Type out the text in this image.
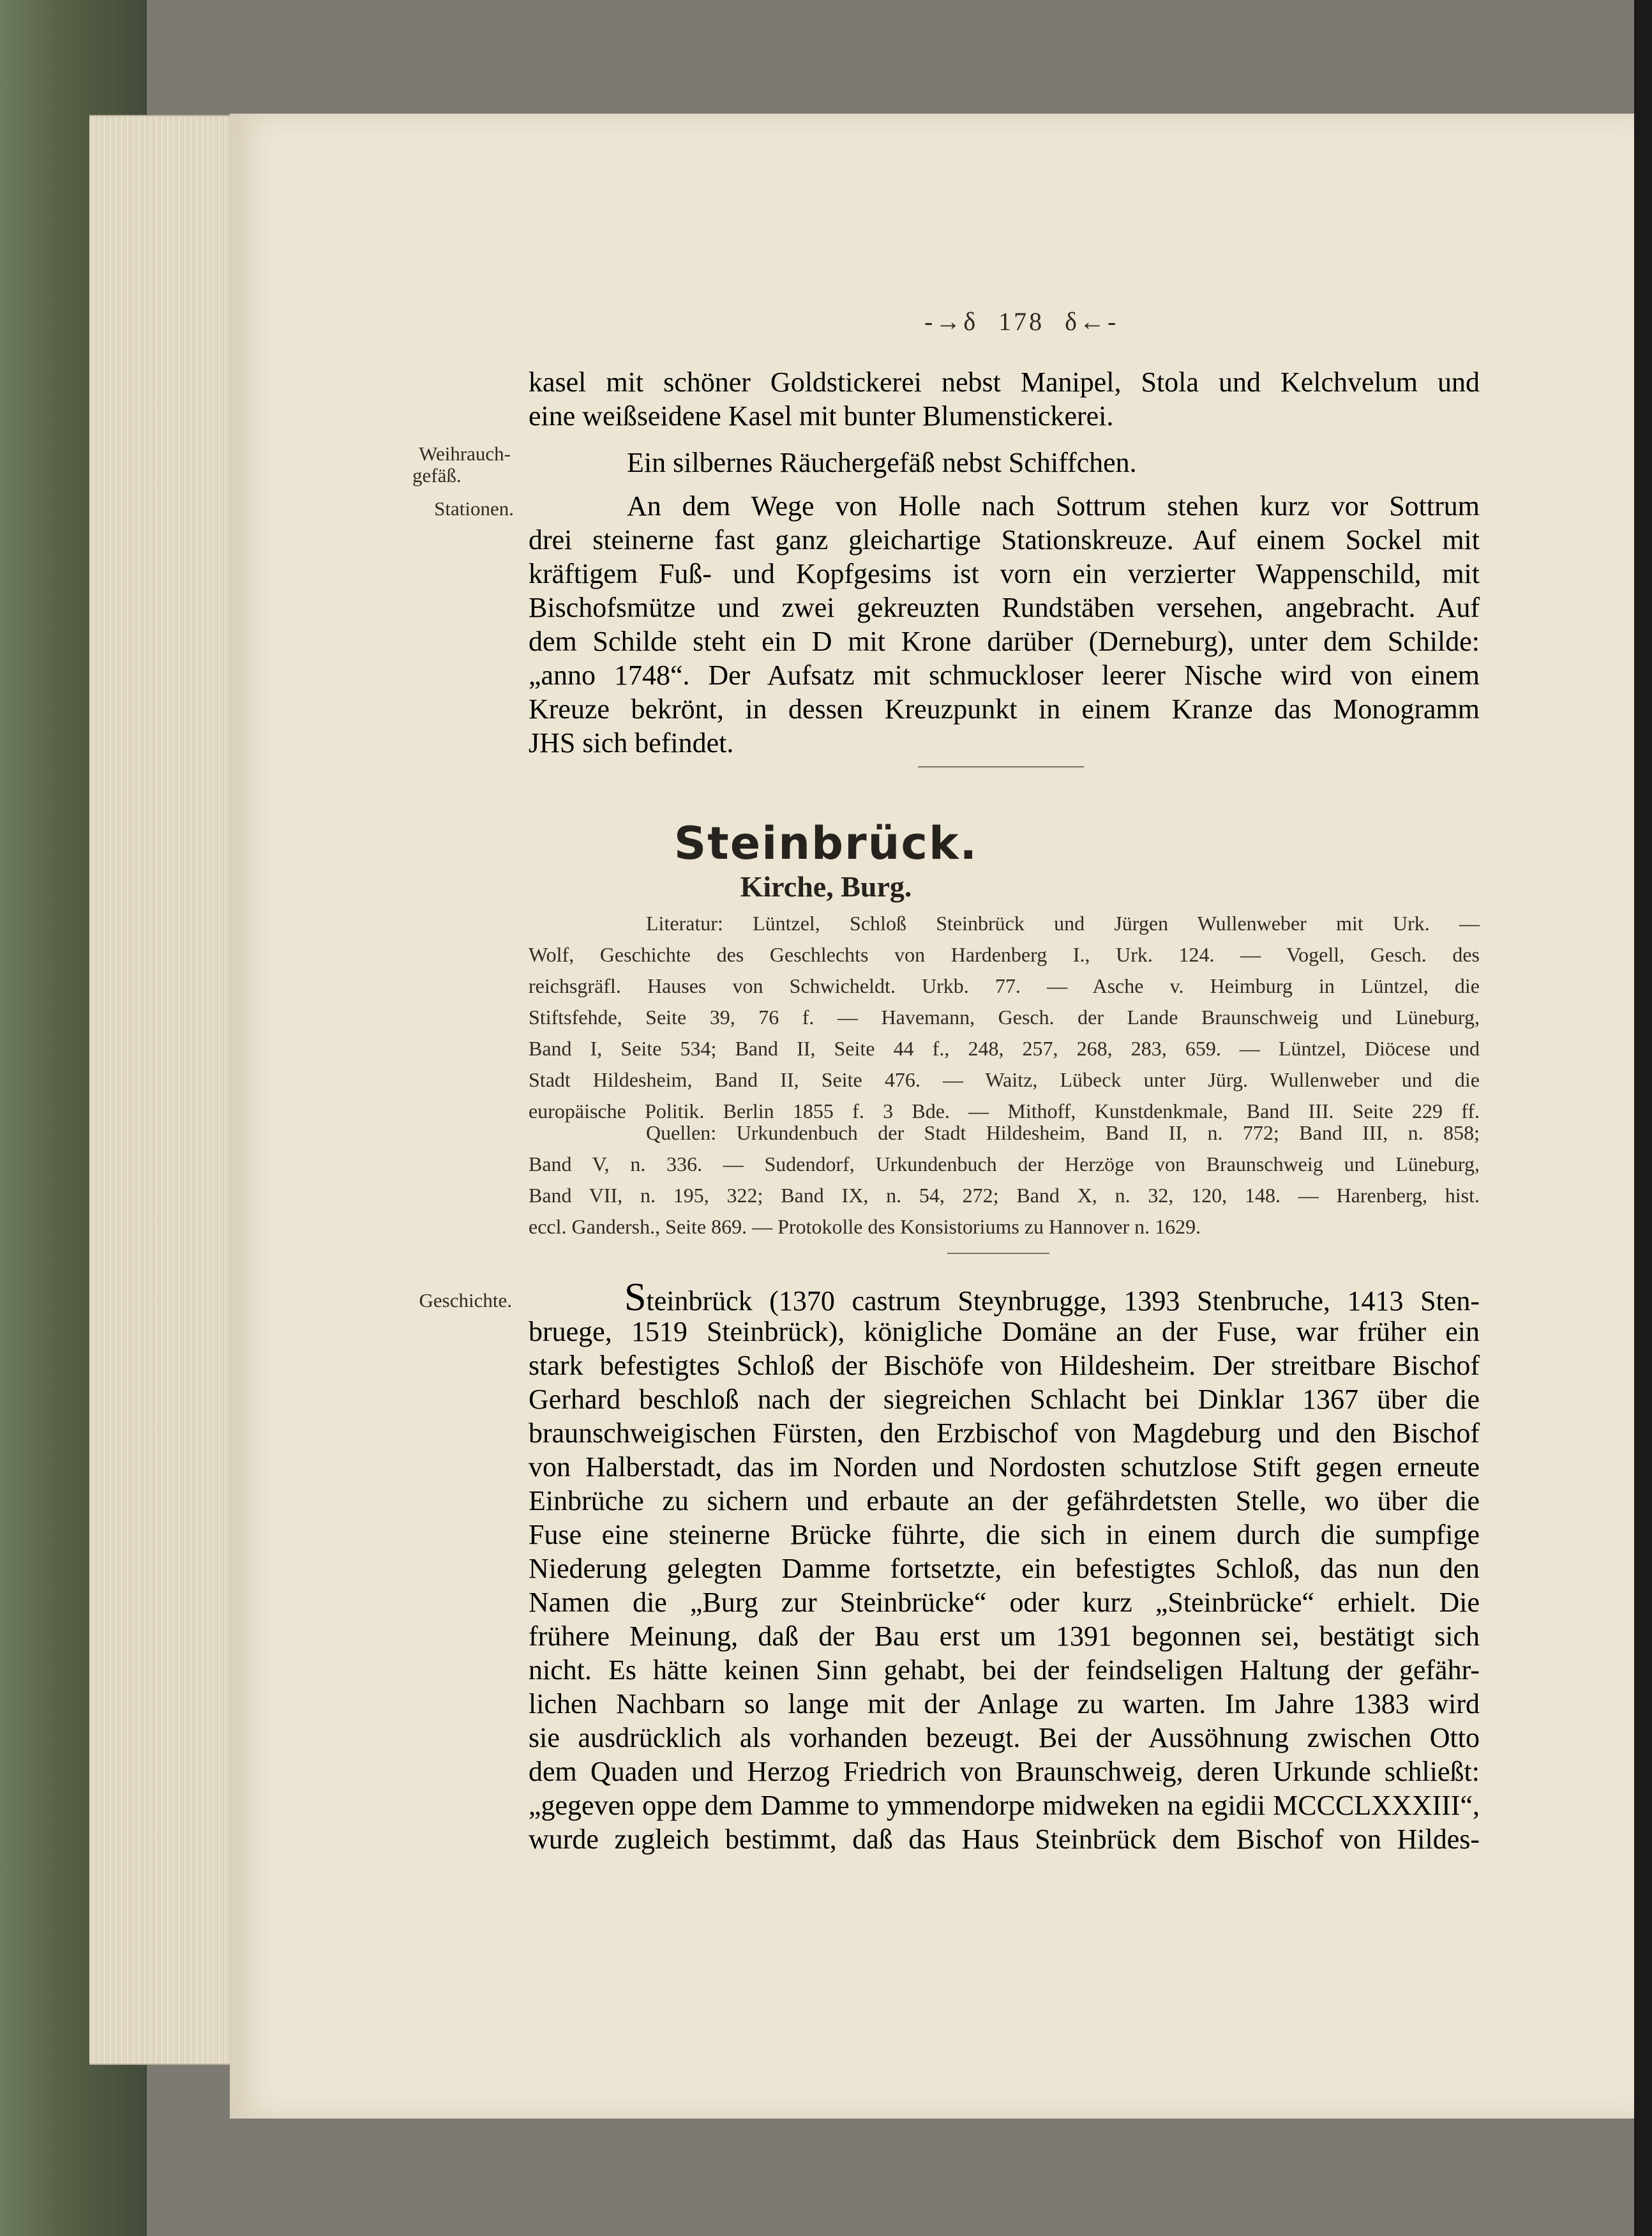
-→δ 178 δ←-
Weihrauch-
gefäß.
Stationen.
Geschichte.
kasel mit schöner Goldstickerei nebst Manipel, Stola und Kelchvelum und
eine weißseidene Kasel mit bunter Blumenstickerei.
Ein silbernes Räuchergefäß nebst Schiffchen.
An dem Wege von Holle nach Sottrum stehen kurz vor Sottrum
drei steinerne fast ganz gleichartige Stationskreuze. Auf einem Sockel mit
kräftigem Fuß- und Kopfgesims ist vorn ein verzierter Wappenschild, mit
Bischofsmütze und zwei gekreuzten Rundstäben versehen, angebracht. Auf
dem Schilde steht ein D mit Krone darüber (Derneburg), unter dem Schilde:
„anno 1748“. Der Aufsatz mit schmuckloser leerer Nische wird von einem
Kreuze bekrönt, in dessen Kreuzpunkt in einem Kranze das Monogramm
JHS sich befindet.
Steinbrück.
Kirche, Burg.
Literatur: Lüntzel, Schloß Steinbrück und Jürgen Wullenweber mit Urk. —
Wolf, Geschichte des Geschlechts von Hardenberg I., Urk. 124. — Vogell, Gesch. des
reichsgräfl. Hauses von Schwicheldt. Urkb. 77. — Asche v. Heimburg in Lüntzel, die
Stiftsfehde, Seite 39, 76 f. — Havemann, Gesch. der Lande Braunschweig und Lüneburg,
Band I, Seite 534; Band II, Seite 44 f., 248, 257, 268, 283, 659. — Lüntzel, Diöcese und
Stadt Hildesheim, Band II, Seite 476. — Waitz, Lübeck unter Jürg. Wullenweber und die
europäische Politik. Berlin 1855 f. 3 Bde. — Mithoff, Kunstdenkmale, Band III. Seite 229 ff.
Quellen: Urkundenbuch der Stadt Hildesheim, Band II, n. 772; Band III, n. 858;
Band V, n. 336. — Sudendorf, Urkundenbuch der Herzöge von Braunschweig und Lüneburg,
Band VII, n. 195, 322; Band IX, n. 54, 272; Band X, n. 32, 120, 148. — Harenberg, hist.
eccl. Gandersh., Seite 869. — Protokolle des Konsistoriums zu Hannover n. 1629.
Steinbrück (1370 castrum Steynbrugge, 1393 Stenbruche, 1413 Sten-
bruege, 1519 Steinbrück), königliche Domäne an der Fuse, war früher ein
stark befestigtes Schloß der Bischöfe von Hildesheim. Der streitbare Bischof
Gerhard beschloß nach der siegreichen Schlacht bei Dinklar 1367 über die
braunschweigischen Fürsten, den Erzbischof von Magdeburg und den Bischof
von Halberstadt, das im Norden und Nordosten schutzlose Stift gegen erneute
Einbrüche zu sichern und erbaute an der gefährdetsten Stelle, wo über die
Fuse eine steinerne Brücke führte, die sich in einem durch die sumpfige
Niederung gelegten Damme fortsetzte, ein befestigtes Schloß, das nun den
Namen die „Burg zur Steinbrücke“ oder kurz „Steinbrücke“ erhielt. Die
frühere Meinung, daß der Bau erst um 1391 begonnen sei, bestätigt sich
nicht. Es hätte keinen Sinn gehabt, bei der feindseligen Haltung der gefähr-
lichen Nachbarn so lange mit der Anlage zu warten. Im Jahre 1383 wird
sie ausdrücklich als vorhanden bezeugt. Bei der Aussöhnung zwischen Otto
dem Quaden und Herzog Friedrich von Braunschweig, deren Urkunde schließt:
„gegeven oppe dem Damme to ymmendorpe midweken na egidii MCCCLXXXIII“,
wurde zugleich bestimmt, daß das Haus Steinbrück dem Bischof von Hildes-
